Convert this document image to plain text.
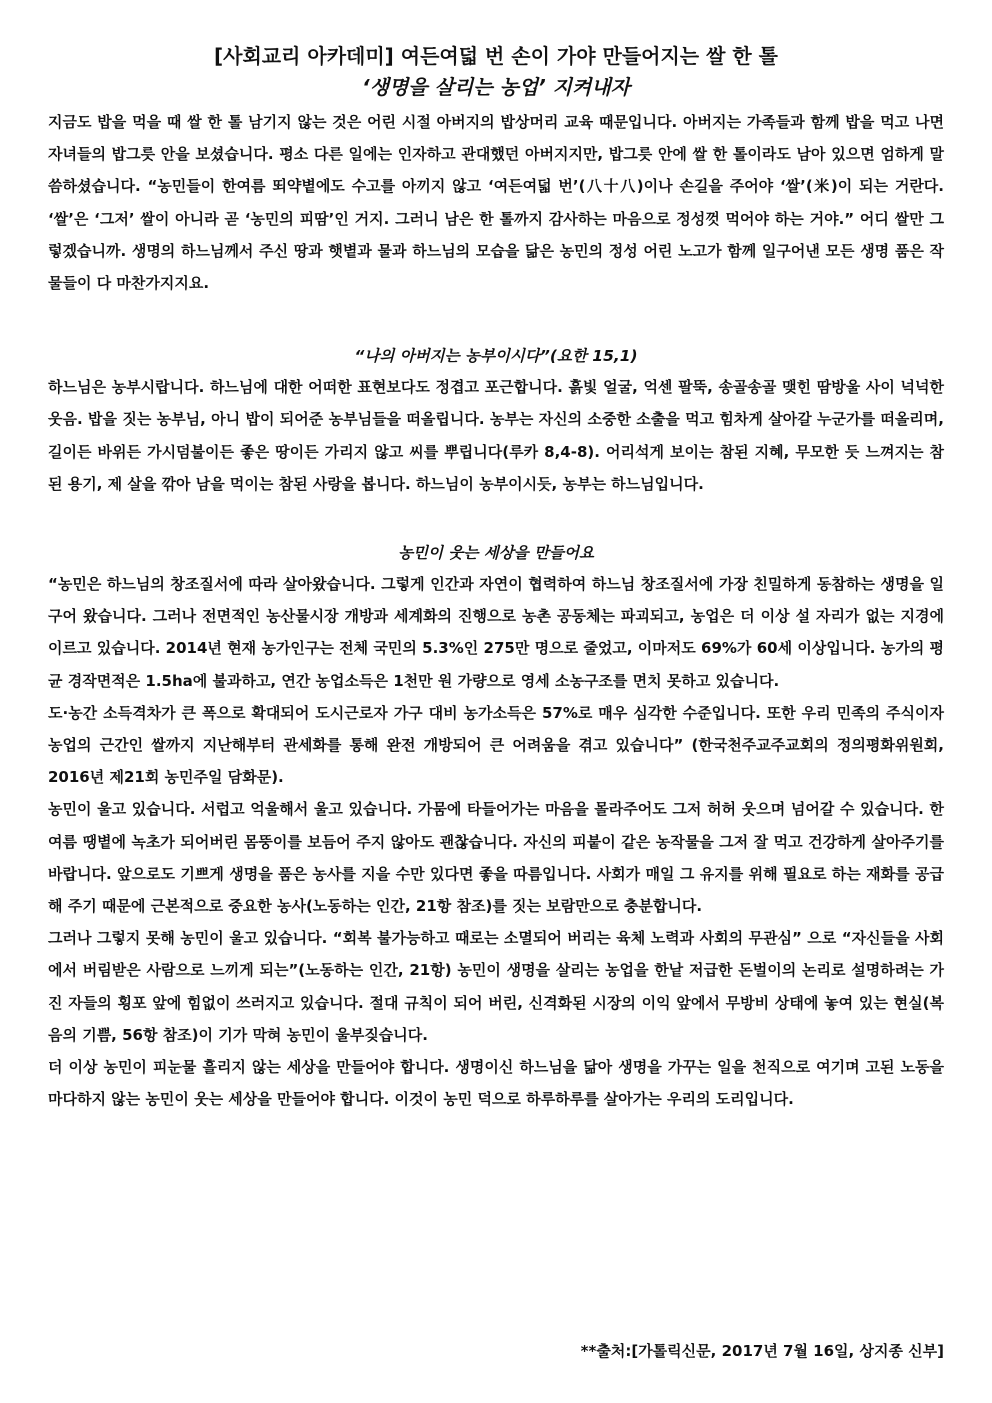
[사회교리 아카데미] 여든여덟 번 손이 가야 만들어지는 쌀 한 톨
‘생명을 살리는 농업’ 지켜내자

지금도 밥을 먹을 때 쌀 한 톨 남기지 않는 것은 어린 시절 아버지의 밥상머리 교육 때문입니다. 아버지는 가족들과 함께 밥을 먹고 나면 자녀들의 밥그릇 안을 보셨습니다. 평소 다른 일에는 인자하고 관대했던 아버지지만, 밥그릇 안에 쌀 한 톨이라도 남아 있으면 엄하게 말씀하셨습니다. “농민들이 한여름 뙤약볕에도 수고를 아끼지 않고 ‘여든여덟 번’(八十八)이나 손길을 주어야 ‘쌀’(米)이 되는 거란다. ‘쌀’은 ‘그저’ 쌀이 아니라 곧 ‘농민의 피땀’인 거지. 그러니 남은 한 톨까지 감사하는 마음으로 정성껏 먹어야 하는 거야.” 어디 쌀만 그렇겠습니까. 생명의 하느님께서 주신 땅과 햇볕과 물과 하느님의 모습을 닮은 농민의 정성 어린 노고가 함께 일구어낸 모든 생명 품은 작물들이 다 마찬가지지요.

“나의 아버지는 농부이시다”(요한 15,1)

하느님은 농부시랍니다. 하느님에 대한 어떠한 표현보다도 정겹고 포근합니다. 흙빛 얼굴, 억센 팔뚝, 송골송골 맺힌 땀방울 사이 넉넉한 웃음. 밥을 짓는 농부님, 아니 밥이 되어준 농부님들을 떠올립니다. 농부는 자신의 소중한 소출을 먹고 힘차게 살아갈 누군가를 떠올리며, 길이든 바위든 가시덤불이든 좋은 땅이든 가리지 않고 씨를 뿌립니다(루카 8,4-8). 어리석게 보이는 참된 지혜, 무모한 듯 느껴지는 참된 용기, 제 살을 깎아 남을 먹이는 참된 사랑을 봅니다. 하느님이 농부이시듯, 농부는 하느님입니다.

농민이 웃는 세상을 만들어요

“농민은 하느님의 창조질서에 따라 살아왔습니다. 그렇게 인간과 자연이 협력하여 하느님 창조질서에 가장 친밀하게 동참하는 생명을 일구어 왔습니다. 그러나 전면적인 농산물시장 개방과 세계화의 진행으로 농촌 공동체는 파괴되고, 농업은 더 이상 설 자리가 없는 지경에 이르고 있습니다. 2014년 현재 농가인구는 전체 국민의 5.3%인 275만 명으로 줄었고, 이마저도 69%가 60세 이상입니다. 농가의 평균 경작면적은 1.5ha에 불과하고, 연간 농업소득은 1천만 원 가량으로 영세 소농구조를 면치 못하고 있습니다.

도·농간 소득격차가 큰 폭으로 확대되어 도시근로자 가구 대비 농가소득은 57%로 매우 심각한 수준입니다. 또한 우리 민족의 주식이자 농업의 근간인 쌀까지 지난해부터 관세화를 통해 완전 개방되어 큰 어려움을 겪고 있습니다” (한국천주교주교회의 정의평화위원회, 2016년 제21회 농민주일 담화문).

농민이 울고 있습니다. 서럽고 억울해서 울고 있습니다. 가뭄에 타들어가는 마음을 몰라주어도 그저 허허 웃으며 넘어갈 수 있습니다. 한여름 땡볕에 녹초가 되어버린 몸뚱이를 보듬어 주지 않아도 괜찮습니다. 자신의 피붙이 같은 농작물을 그저 잘 먹고 건강하게 살아주기를 바랍니다. 앞으로도 기쁘게 생명을 품은 농사를 지을 수만 있다면 좋을 따름입니다. 사회가 매일 그 유지를 위해 필요로 하는 재화를 공급해 주기 때문에 근본적으로 중요한 농사(노동하는 인간, 21항 참조)를 짓는 보람만으로 충분합니다.

그러나 그렇지 못해 농민이 울고 있습니다. “회복 불가능하고 때로는 소멸되어 버리는 육체 노력과 사회의 무관심” 으로 “자신들을 사회에서 버림받은 사람으로 느끼게 되는”(노동하는 인간, 21항) 농민이 생명을 살리는 농업을 한낱 저급한 돈벌이의 논리로 설명하려는 가진 자들의 횡포 앞에 힘없이 쓰러지고 있습니다. 절대 규칙이 되어 버린, 신격화된 시장의 이익 앞에서 무방비 상태에 놓여 있는 현실(복음의 기쁨, 56항 참조)이 기가 막혀 농민이 울부짖습니다.

더 이상 농민이 피눈물 흘리지 않는 세상을 만들어야 합니다. 생명이신 하느님을 닮아 생명을 가꾸는 일을 천직으로 여기며 고된 노동을 마다하지 않는 농민이 웃는 세상을 만들어야 합니다. 이것이 농민 덕으로 하루하루를 살아가는 우리의 도리입니다.

**출처:[가톨릭신문, 2017년 7월 16일, 상지종 신부]
